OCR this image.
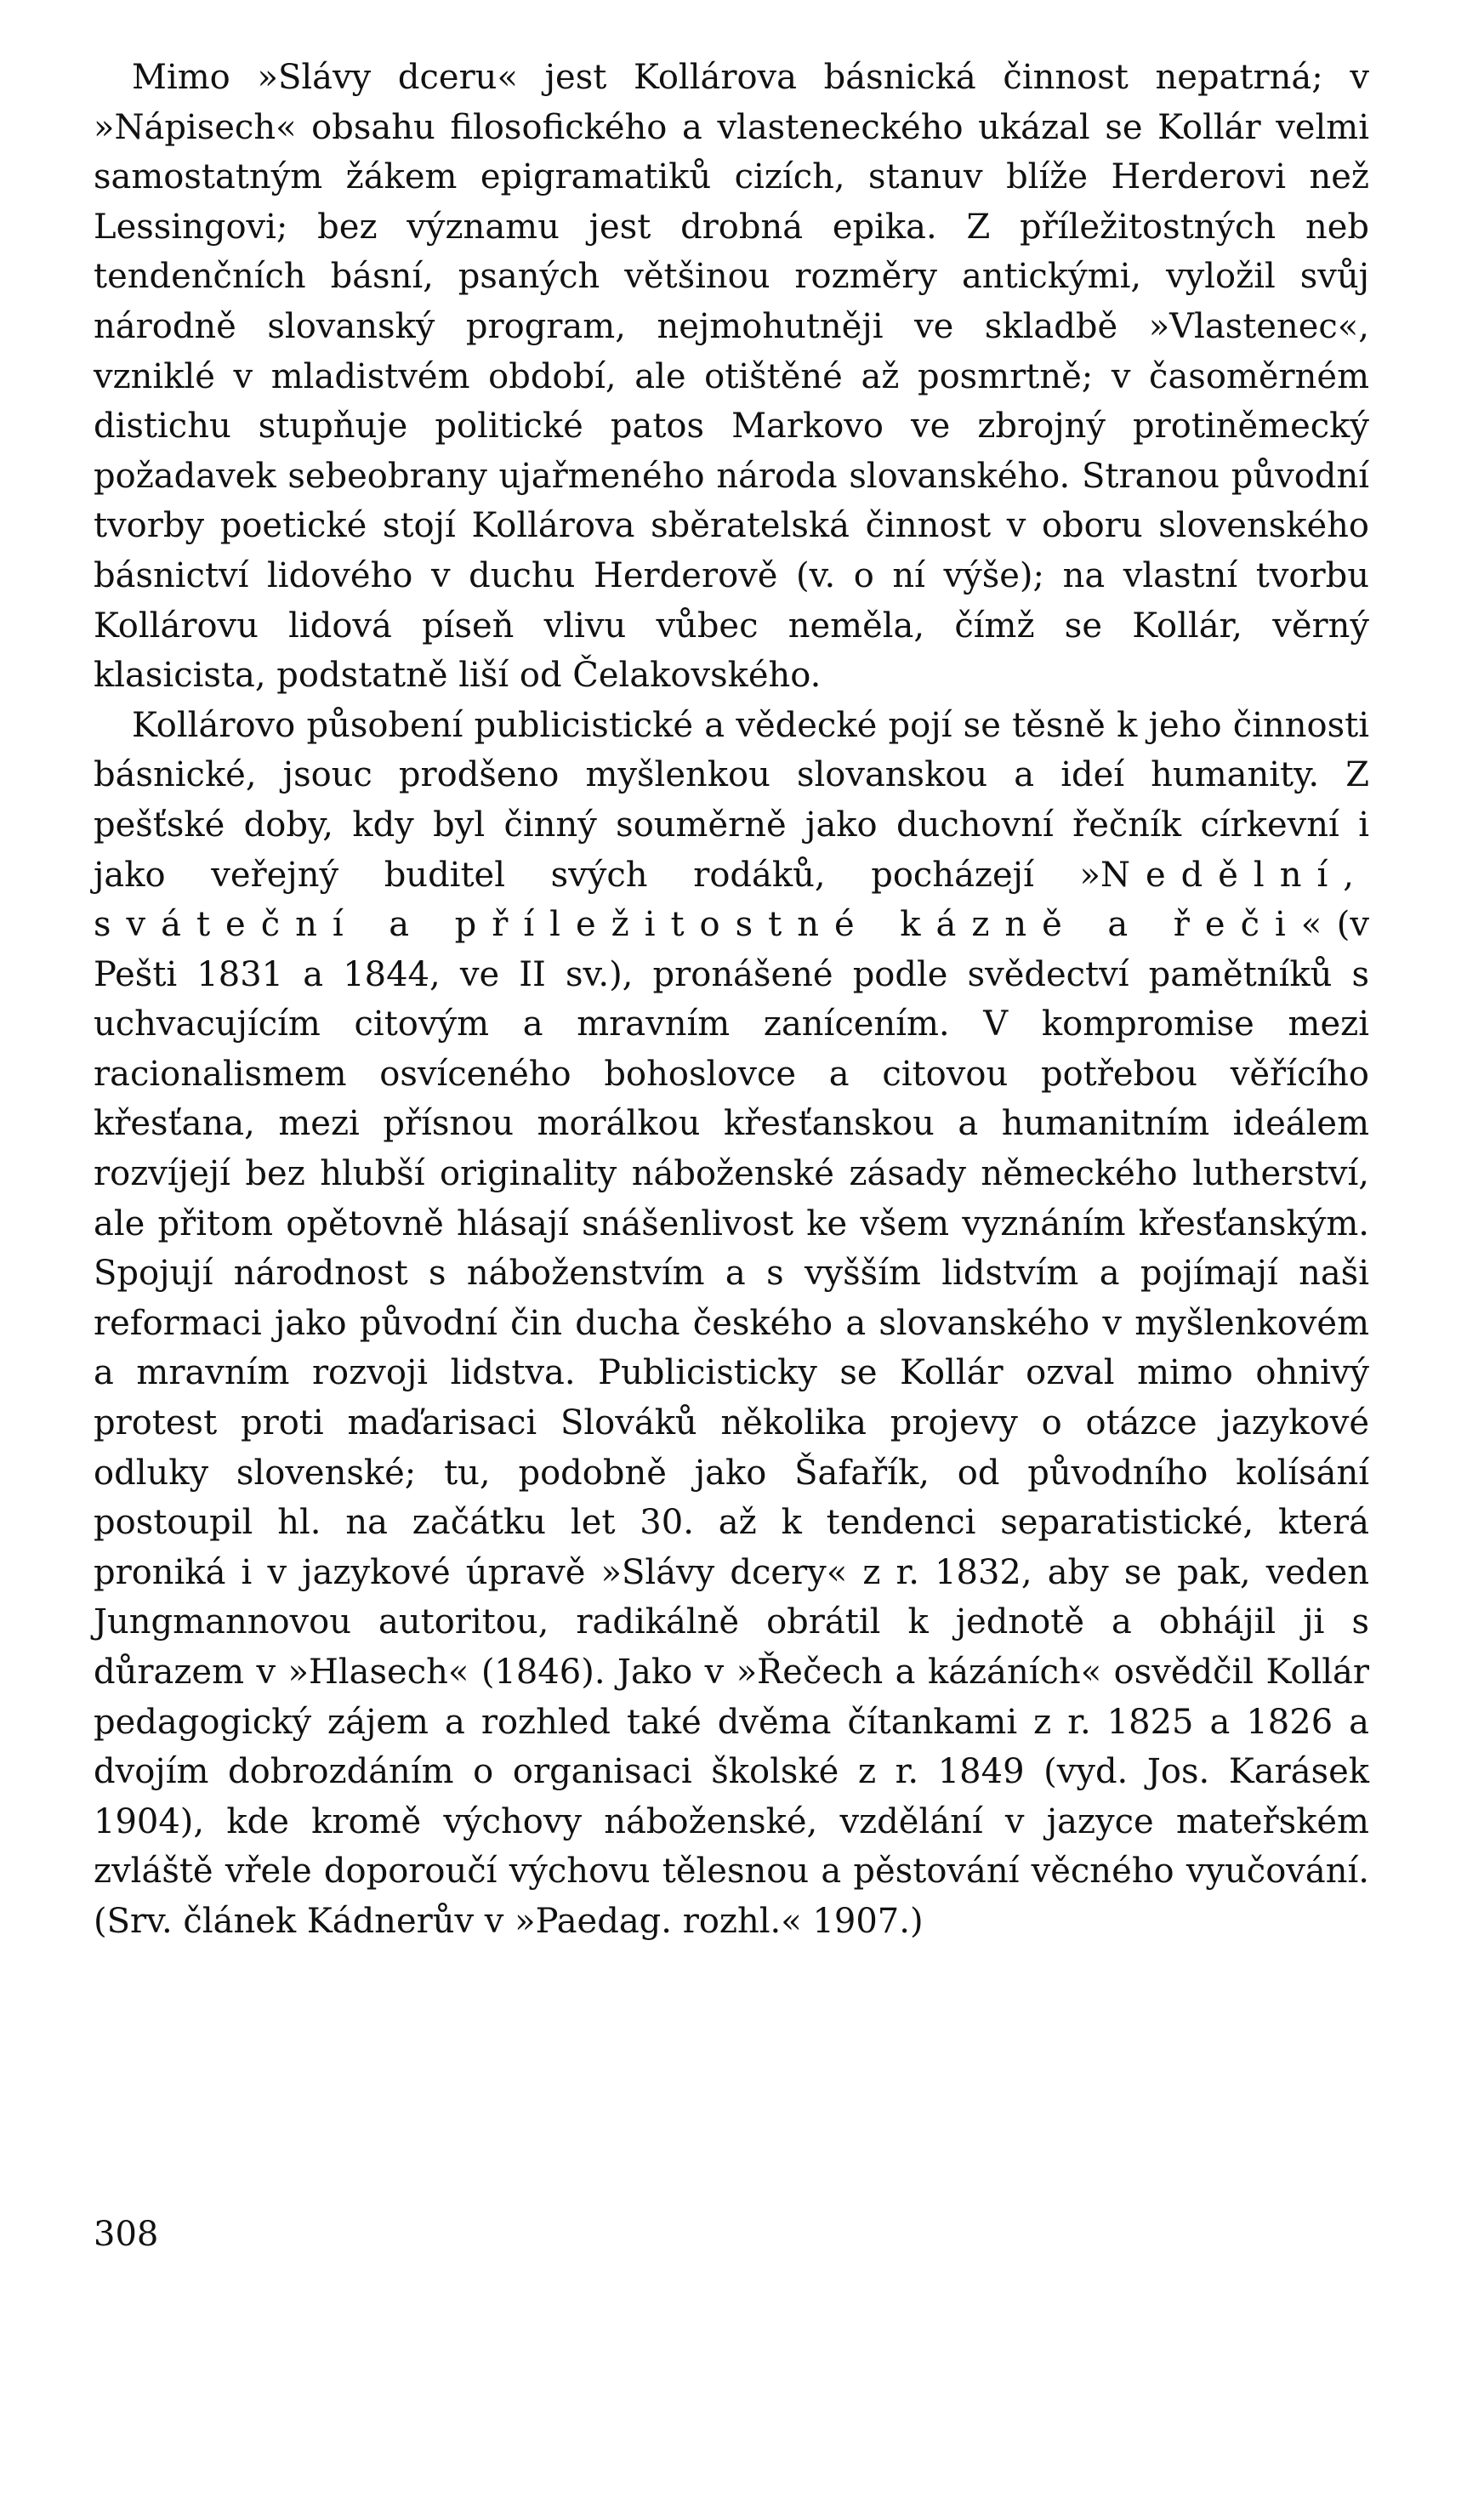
Mimo »Slávy dceru« jest Kollárova básnická činnost nepatrná; v »Nápisech« obsahu filosofického a vlasteneckého ukázal se Kollár velmi samostatným žákem epigramatiků cizích, stanuv blíže Herderovi než Lessingovi; bez významu jest drobná epika. Z příležitostných neb tendenčních básní, psaných většinou rozměry antickými, vyložil svůj národně slovanský program, nejmohutněji ve skladbě »Vlastenec«, vzniklé v mladistvém období, ale otištěné až posmrtně; v časoměrném distichu stupňuje politické patos Markovo ve zbrojný protiněmecký požadavek sebeobrany ujařmeného národa slovanského. Stranou původní tvorby poetické stojí Kollárova sběratelská činnost v oboru slovenského básnictví lidového v duchu Herderově (v. o ní výše); na vlastní tvorbu Kollárovu lidová píseň vlivu vůbec neměla, čímž se Kollár, věrný klasicista, podstatně liší od Čelakovského.

Kollárovo působení publicistické a vědecké pojí se těsně k jeho činnosti básnické, jsouc prodšeno myšlenkou slovanskou a ideí humanity. Z pešťské doby, kdy byl činný souměrně jako duchovní řečník církevní i jako veřejný buditel svých rodáků, pocházejí »Nedělní, sváteční a příležitostné kázně a řeči« (v Pešti 1831 a 1844, ve II sv.), pronášené podle svědectví pamětníků s uchvacujícím citovým a mravním zanícením. V kompromise mezi racionalismem osvíceného bohoslovce a citovou potřebou věřícího křesťana, mezi přísnou morálkou křesťanskou a humanitním ideálem rozvíjejí bez hlubší originality náboženské zásady německého lutherství, ale přitom opětovně hlásají snášenlivost ke všem vyznáním křesťanským. Spojují národnost s náboženstvím a s vyšším lidstvím a pojímají naši reformaci jako původní čin ducha českého a slovanského v myšlenkovém a mravním rozvoji lidstva. Publicisticky se Kollár ozval mimo ohnivý protest proti maďarisaci Slováků několika projevy o otázce jazykové odluky slovenské; tu, podobně jako Šafařík, od původního kolísání postoupil hl. na začátku let 30. až k tendenci separatistické, která proniká i v jazykové úpravě »Slávy dcery« z r. 1832, aby se pak, veden Jungmannovou autoritou, radikálně obrátil k jednotě a obhájil ji s důrazem v »Hlasech« (1846). Jako v »Řečech a kázáních« osvědčil Kollár pedagogický zájem a rozhled také dvěma čítankami z r. 1825 a 1826 a dvojím dobrozdáním o organisaci školské z r. 1849 (vyd. Jos. Karásek 1904), kde kromě výchovy náboženské, vzdělání v jazyce mateřském zvláště vřele doporoučí výchovu tělesnou a pěstování věcného vyučování. (Srv. článek Kádnerův v »Paedag. rozhl.« 1907.)

308
